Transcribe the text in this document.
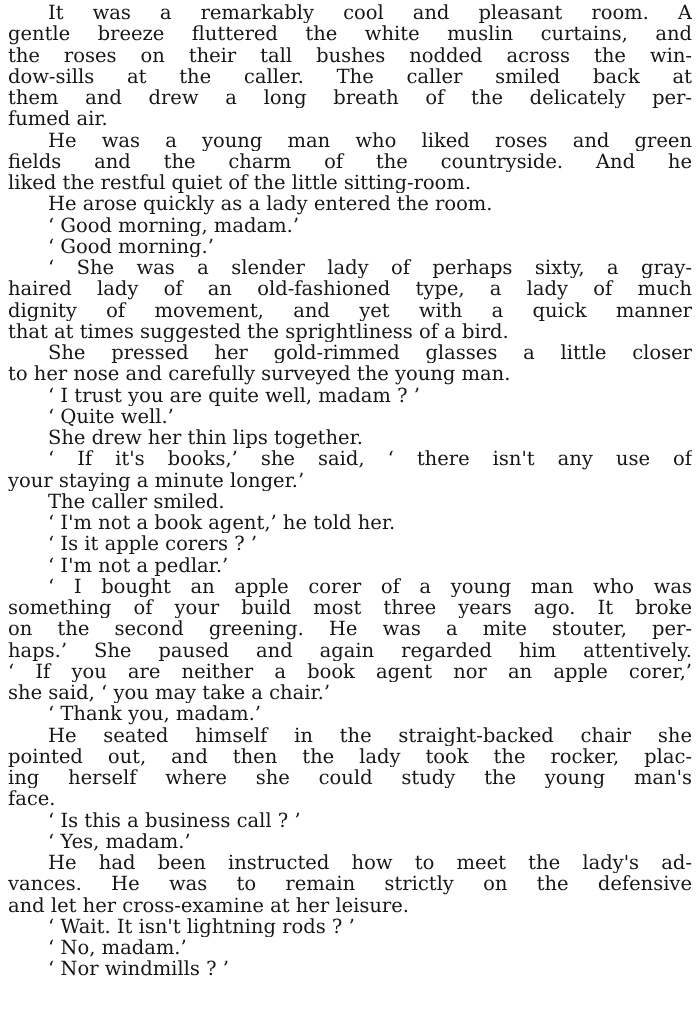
It was a remarkably cool and pleasant room. A
gentle breeze fluttered the white muslin curtains, and
the roses on their tall bushes nodded across the win-
dow-sills at the caller. The caller smiled back at
them and drew a long breath of the delicately per-
fumed air.
He was a young man who liked roses and green
fields and the charm of the countryside. And he
liked the restful quiet of the little sitting-room.
He arose quickly as a lady entered the room.
‘ Good morning, madam.’
‘ Good morning.’
‘ She was a slender lady of perhaps sixty, a gray-
haired lady of an old-fashioned type, a lady of much
dignity of movement, and yet with a quick manner
that at times suggested the sprightliness of a bird.
She pressed her gold-rimmed glasses a little closer
to her nose and carefully surveyed the young man.
‘ I trust you are quite well, madam ? ’
‘ Quite well.’
She drew her thin lips together.
‘ If it's books,’ she said, ‘ there isn't any use of
your staying a minute longer.’
The caller smiled.
‘ I'm not a book agent,’ he told her.
‘ Is it apple corers ? ’
‘ I'm not a pedlar.’
‘ I bought an apple corer of a young man who was
something of your build most three years ago. It broke
on the second greening. He was a mite stouter, per-
haps.’ She paused and again regarded him attentively.
‘ If you are neither a book agent nor an apple corer,’
she said, ‘ you may take a chair.’
‘ Thank you, madam.’
He seated himself in the straight-backed chair she
pointed out, and then the lady took the rocker, plac-
ing herself where she could study the young man's
face.
‘ Is this a business call ? ’
‘ Yes, madam.’
He had been instructed how to meet the lady's ad-
vances. He was to remain strictly on the defensive
and let her cross-examine at her leisure.
‘ Wait. It isn't lightning rods ? ’
‘ No, madam.’
‘ Nor windmills ? ’
